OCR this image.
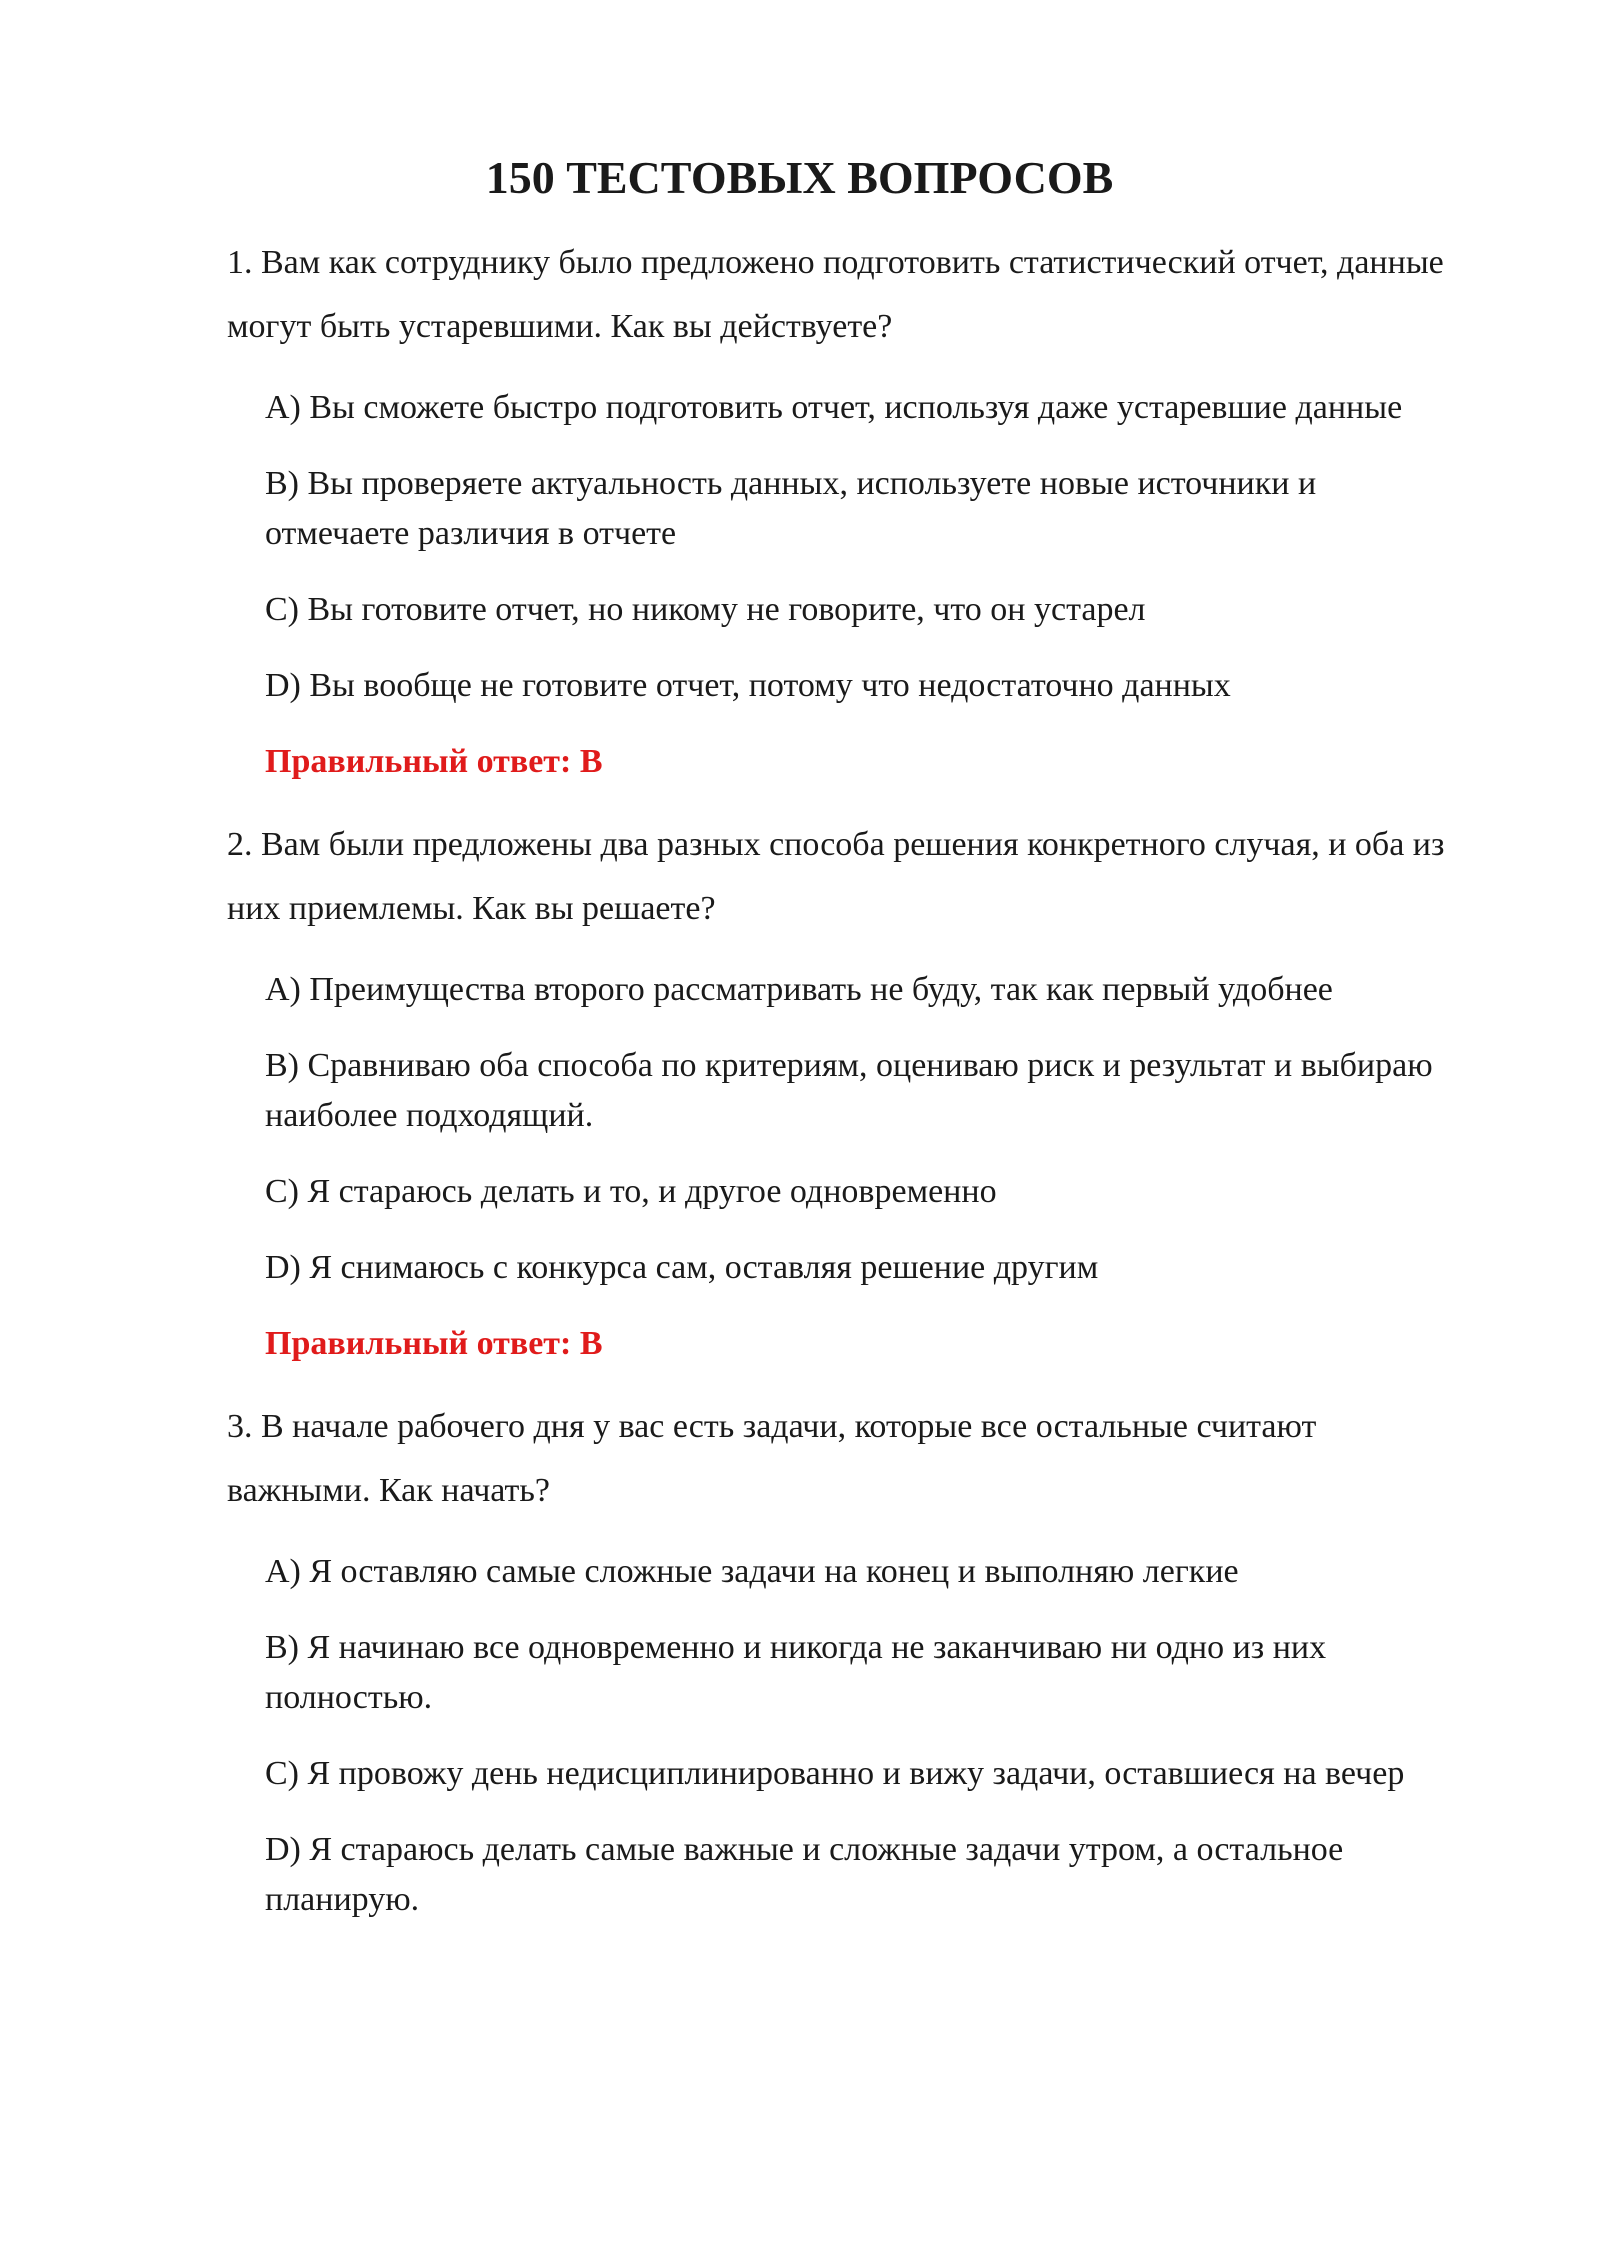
150 ТЕСТОВЫХ ВОПРОСОВ
1. Вам как сотруднику было предложено подготовить статистический отчет, данные могут быть устаревшими. Как вы действуете?
A) Вы сможете быстро подготовить отчет, используя даже устаревшие данные
B) Вы проверяете актуальность данных, используете новые источники и отмечаете различия в отчете
C) Вы готовите отчет, но никому не говорите, что он устарел
D) Вы вообще не готовите отчет, потому что недостаточно данных
Правильный ответ: B
2. Вам были предложены два разных способа решения конкретного случая, и оба из них приемлемы. Как вы решаете?
A) Преимущества второго рассматривать не буду, так как первый удобнее
B) Сравниваю оба способа по критериям, оцениваю риск и результат и выбираю наиболее подходящий.
C) Я стараюсь делать и то, и другое одновременно
D) Я снимаюсь с конкурса сам, оставляя решение другим
Правильный ответ: B
3. В начале рабочего дня у вас есть задачи, которые все остальные считают важными. Как начать?
A) Я оставляю самые сложные задачи на конец и выполняю легкие
B) Я начинаю все одновременно и никогда не заканчиваю ни одно из них полностью.
C) Я провожу день недисциплинированно и вижу задачи, оставшиеся на вечер
D) Я стараюсь делать самые важные и сложные задачи утром, а остальное планирую.
